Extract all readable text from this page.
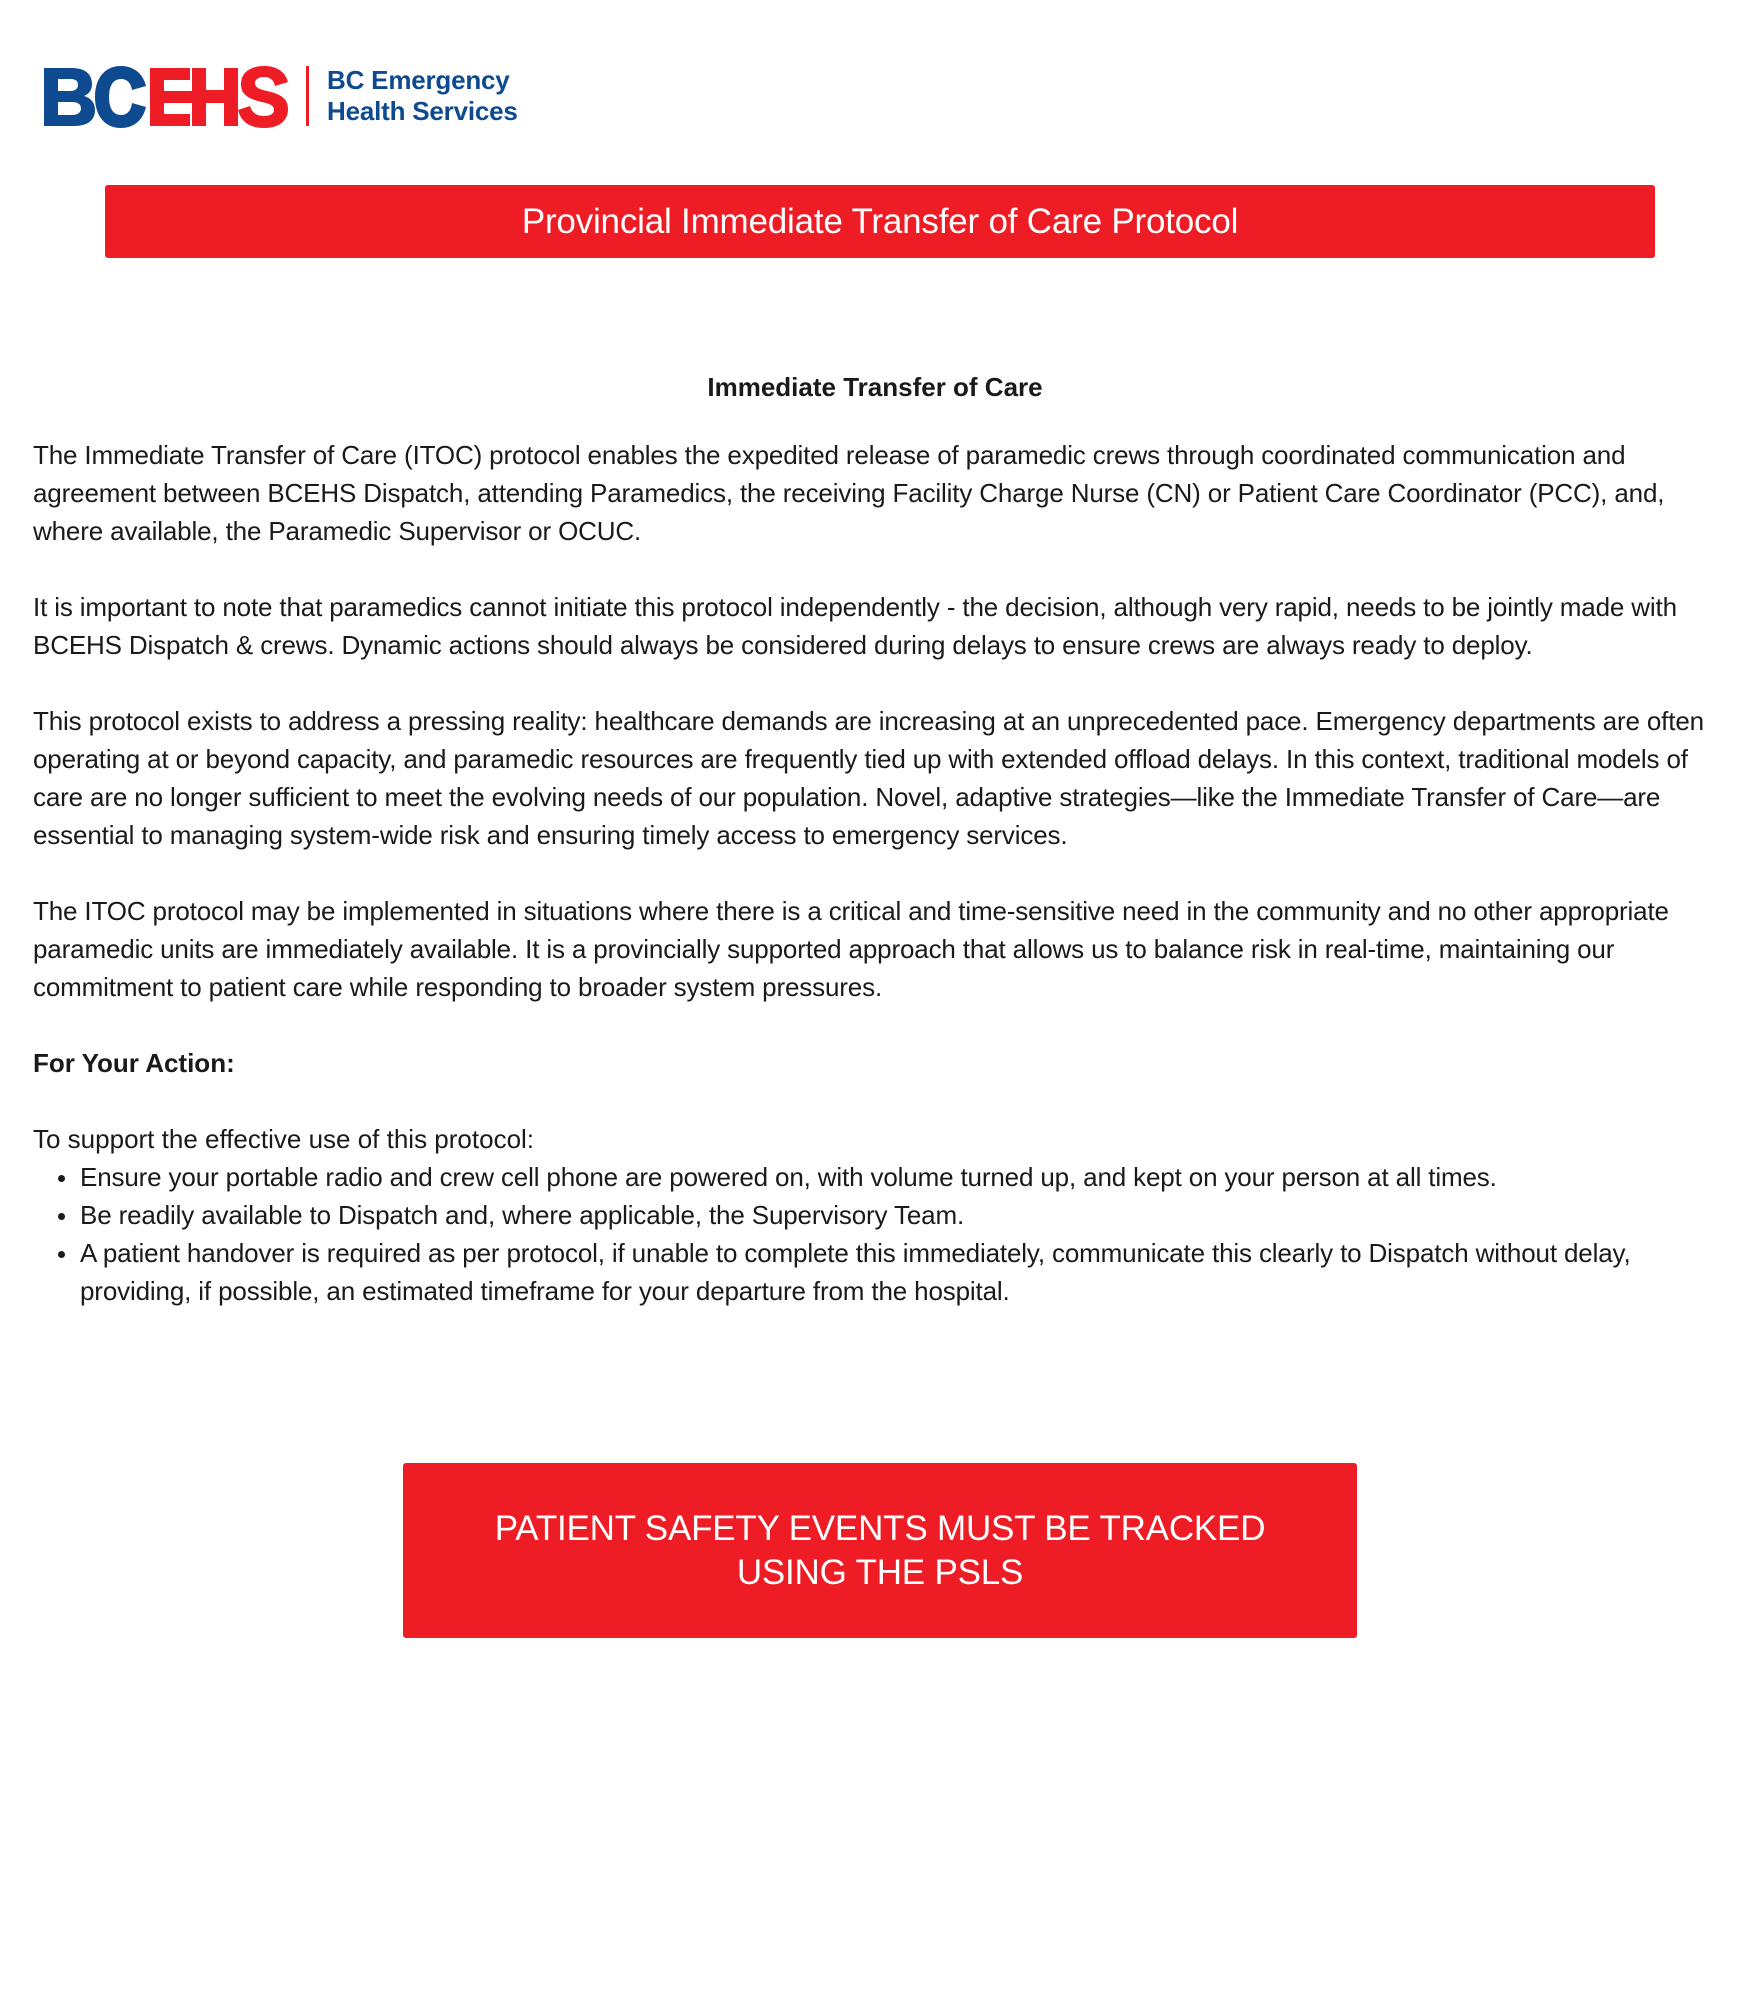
BC Emergency
Health Services
Provincial Immediate Transfer of Care Protocol
Immediate Transfer of Care

The Immediate Transfer of Care (ITOC) protocol enables the expedited release of paramedic crews through coordinated communication and agreement between BCEHS Dispatch, attending Paramedics, the receiving Facility Charge Nurse (CN) or Patient Care Coordinator (PCC), and, where available, the Paramedic Supervisor or OCUC.

It is important to note that paramedics cannot initiate this protocol independently - the decision, although very rapid, needs to be jointly made with BCEHS Dispatch & crews. Dynamic actions should always be considered during delays to ensure crews are always ready to deploy.

This protocol exists to address a pressing reality: healthcare demands are increasing at an unprecedented pace. Emergency departments are often operating at or beyond capacity, and paramedic resources are frequently tied up with extended offload delays. In this context, traditional models of care are no longer sufficient to meet the evolving needs of our population. Novel, adaptive strategies—like the Immediate Transfer of Care—are essential to managing system-wide risk and ensuring timely access to emergency services.

The ITOC protocol may be implemented in situations where there is a critical and time-sensitive need in the community and no other appropriate paramedic units are immediately available. It is a provincially supported approach that allows us to balance risk in real-time, maintaining our commitment to patient care while responding to broader system pressures.

For Your Action:

To support the effective use of this protocol:

Ensure your portable radio and crew cell phone are powered on, with volume turned up, and kept on your person at all times.
Be readily available to Dispatch and, where applicable, the Supervisory Team.
A patient handover is required as per protocol, if unable to complete this immediately, communicate this clearly to Dispatch without delay, providing, if possible, an estimated timeframe for your departure from the hospital.
PATIENT SAFETY EVENTS MUST BE TRACKED USING THE PSLS
